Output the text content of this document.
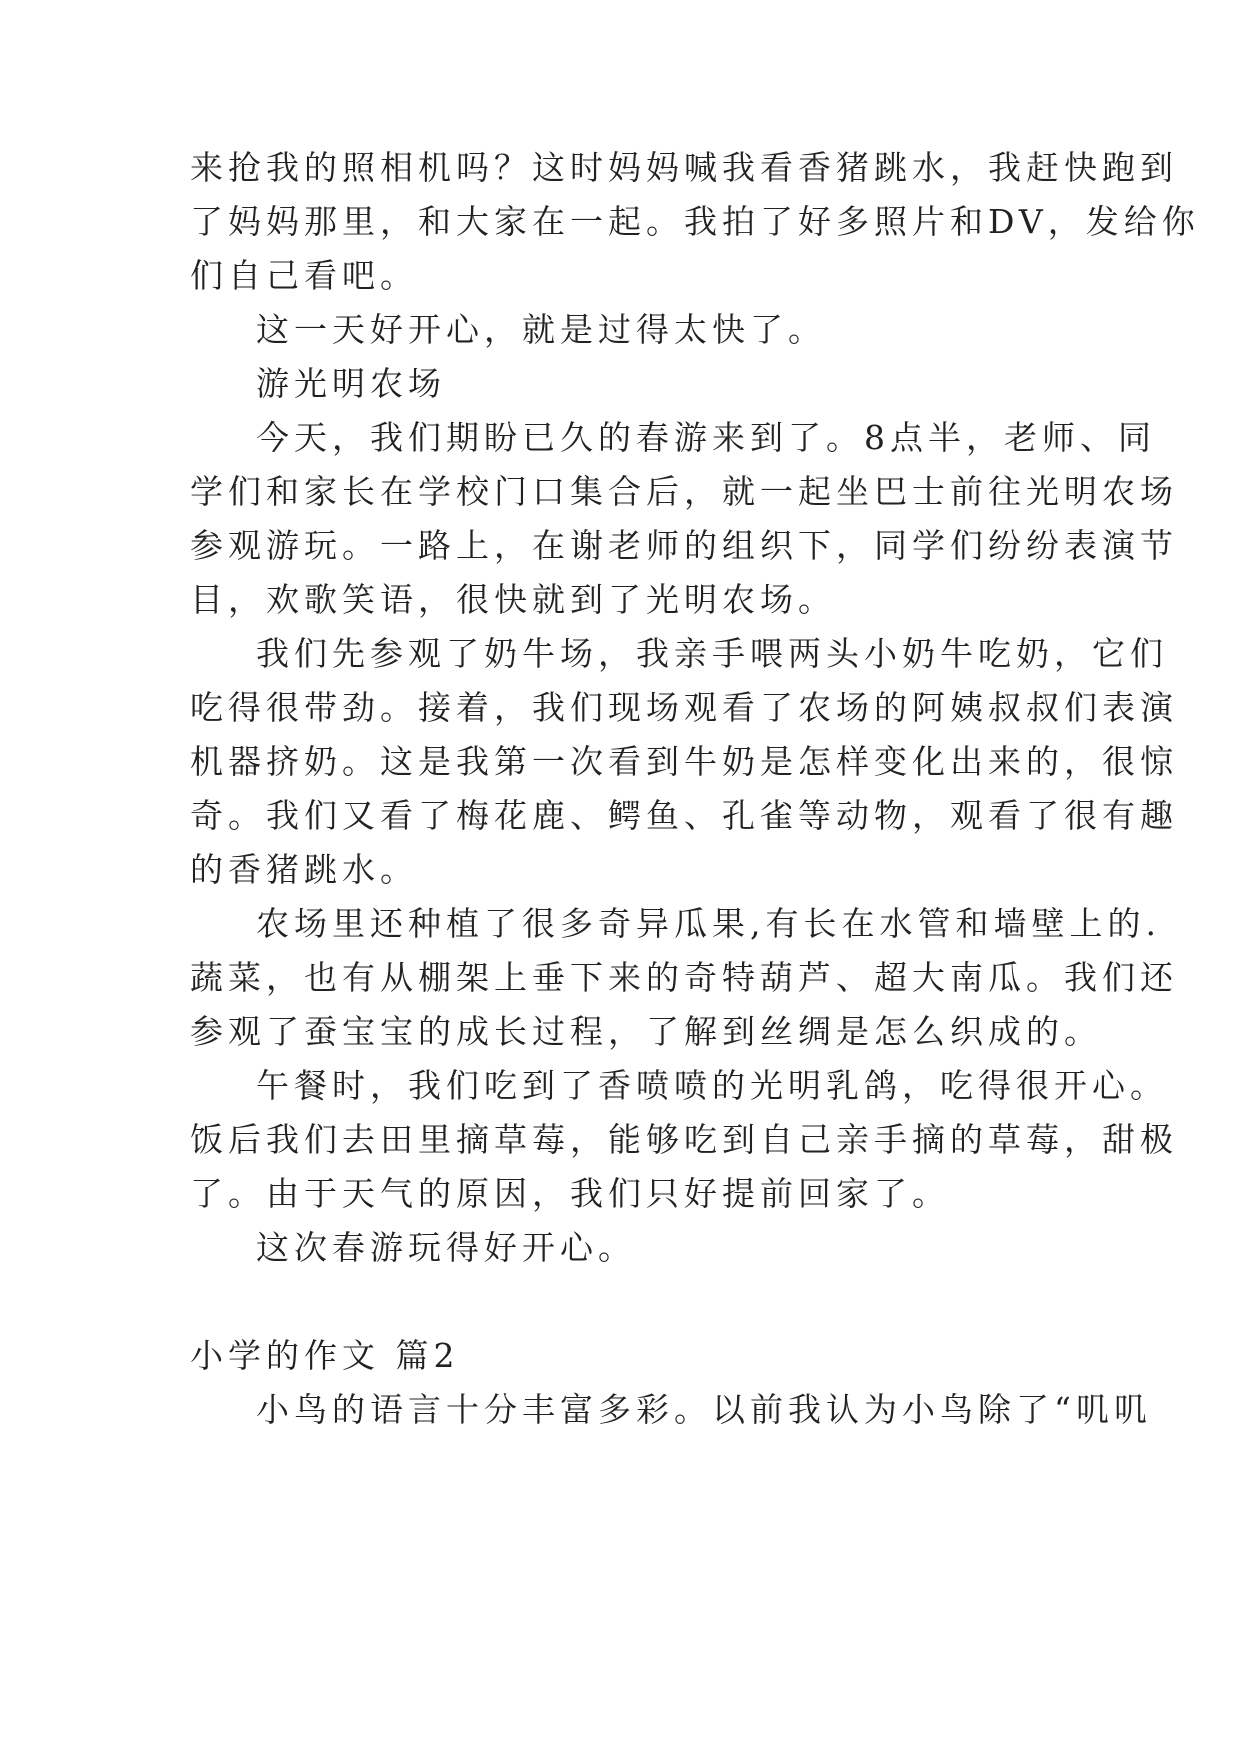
来抢我的照相机吗？这时妈妈喊我看香猪跳水，我赶快跑到

了妈妈那里，和大家在一起。我拍了好多照片和DV，发给你

们自己看吧。

这一天好开心，就是过得太快了。

游光明农场

今天，我们期盼已久的春游来到了。8点半，老师、同

学们和家长在学校门口集合后，就一起坐巴士前往光明农场

参观游玩。一路上，在谢老师的组织下，同学们纷纷表演节

目，欢歌笑语，很快就到了光明农场。

我们先参观了奶牛场，我亲手喂两头小奶牛吃奶，它们

吃得很带劲。接着，我们现场观看了农场的阿姨叔叔们表演

机器挤奶。这是我第一次看到牛奶是怎样变化出来的，很惊

奇。我们又看了梅花鹿、鳄鱼、孔雀等动物，观看了很有趣

的香猪跳水。

农场里还种植了很多奇异瓜果,有长在水管和墙壁上的.

蔬菜，也有从棚架上垂下来的奇特葫芦、超大南瓜。我们还

参观了蚕宝宝的成长过程，了解到丝绸是怎么织成的。

午餐时，我们吃到了香喷喷的光明乳鸽，吃得很开心。

饭后我们去田里摘草莓，能够吃到自己亲手摘的草莓，甜极

了。由于天气的原因，我们只好提前回家了。

这次春游玩得好开心。

小学的作文 篇2

小鸟的语言十分丰富多彩。以前我认为小鸟除了“叽叽
